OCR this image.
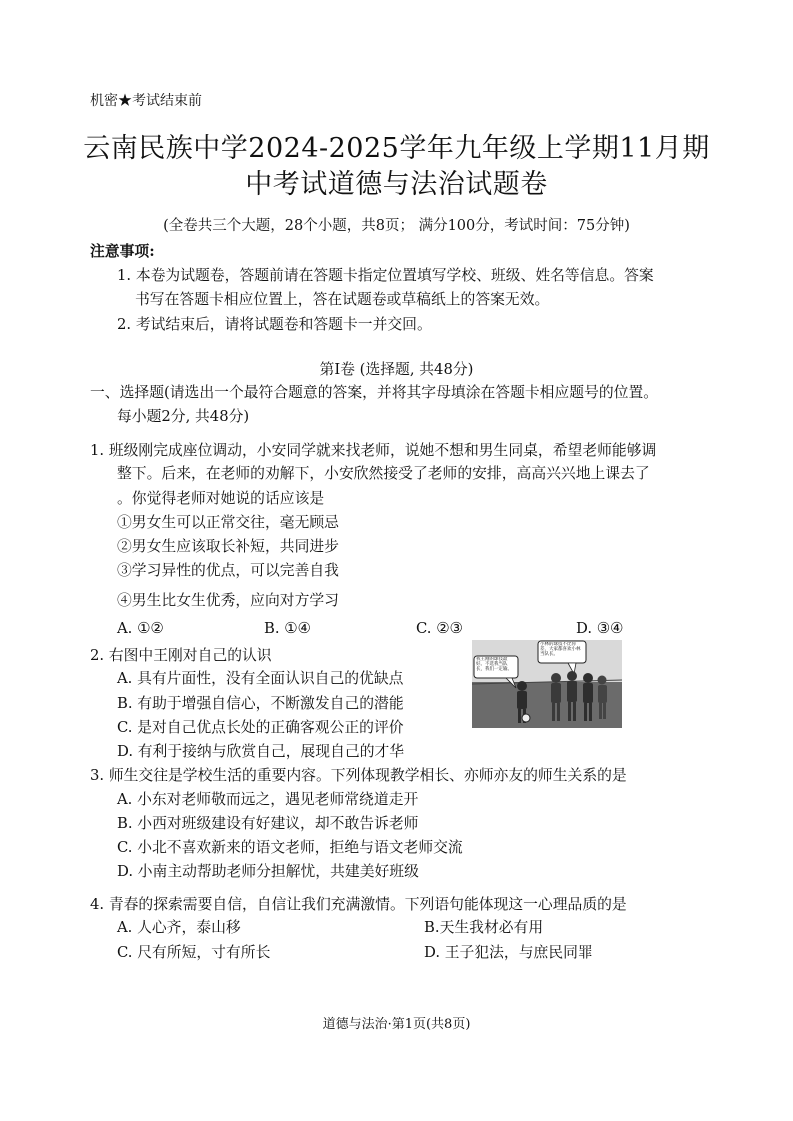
机密★考试结束前
云南民族中学2024-2025学年九年级上学期11月期
中考试道德与法治试题卷
(全卷共三个大题，28个小题，共8页； 满分100分，考试时间：75分钟)
注意事项:
1. 本卷为试题卷，答题前请在答题卡指定位置填写学校、班级、姓名等信息。答案
书写在答题卡相应位置上，答在试题卷或草稿纸上的答案无效。
2. 考试结束后，请将试题卷和答题卡一并交回。
第Ⅰ卷 (选择题, 共48分)
一、选择题(请选出一个最符合题意的答案，并将其字母填涂在答题卡相应题号的位置。
每小题2分, 共48分)
1. 班级刚完成座位调动，小安同学就来找老师，说她不想和男生同桌，希望老师能够调
整下。后来，在老师的劝解下，小安欣然接受了老师的安排，高高兴兴地上课去了
。你觉得老师对她说的话应该是
①男女生可以正常交往，毫无顾忌
②男女生应该取长补短，共同进步
③学习异性的优点，可以完善自我
④男生比女生优秀，应向对方学习
A. ①②	B. ①④	C. ②③	D. ③④
2. 右图中王刚对自己的认识
A. 具有片面性，没有全面认识自己的优缺点
B. 有助于增强自信心，不断激发自己的潜能
C. 是对自己优点长处的正确客观公正的评价
D. 有利于接纳与欣赏自己，展现自己的才华
我王刚的球技最好。不选我当队长，我们一定输。
小林的球技不比你差，大家都喜欢小林当队长。
3. 师生交往是学校生活的重要内容。下列体现教学相长、亦师亦友的师生关系的是
A. 小东对老师敬而远之，遇见老师常绕道走开
B. 小西对班级建设有好建议，却不敢告诉老师
C. 小北不喜欢新来的语文老师，拒绝与语文老师交流
D. 小南主动帮助老师分担解忧，共建美好班级
4. 青春的探索需要自信，自信让我们充满激情。下列语句能体现这一心理品质的是
A. 人心齐，泰山移	B.天生我材必有用
C. 尺有所短，寸有所长	D. 王子犯法，与庶民同罪
道德与法治·第1页(共8页)
